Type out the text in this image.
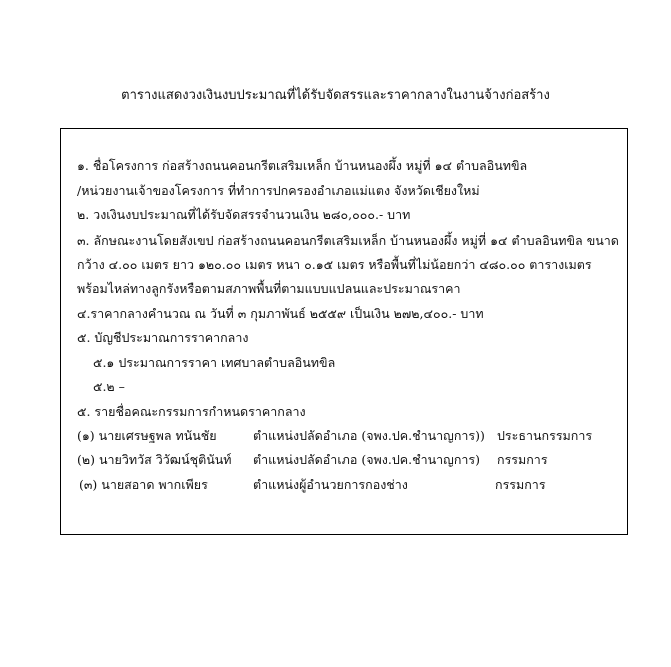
ตารางแสดงวงเงินงบประมาณที่ได้รับจัดสรรและราคากลางในงานจ้างก่อสร้าง
๑. ชื่อโครงการ ก่อสร้างถนนคอนกรีตเสริมเหล็ก บ้านหนองผึ้ง หมู่ที่ ๑๔ ตำบลอินทขิล
/หน่วยงานเจ้าของโครงการ ที่ทำการปกครองอำเภอแม่แตง จังหวัดเชียงใหม่
๒. วงเงินงบประมาณที่ได้รับจัดสรรจำนวนเงิน ๒๘๐,๐๐๐.- บาท
๓. ลักษณะงานโดยสังเขป ก่อสร้างถนนคอนกรีตเสริมเหล็ก บ้านหนองผึ้ง หมู่ที่ ๑๔ ตำบลอินทขิล ขนาด
กว้าง ๔.๐๐ เมตร ยาว ๑๒๐.๐๐ เมตร หนา ๐.๑๕ เมตร หรือพื้นที่ไม่น้อยกว่า ๔๘๐.๐๐ ตารางเมตร
พร้อมไหล่ทางลูกรังหรือตามสภาพพื้นที่ตามแบบแปลนและประมาณราคา
๔.ราคากลางคำนวณ ณ วันที่ ๓ กุมภาพันธ์ ๒๕๕๙ เป็นเงิน ๒๗๒,๔๐๐.- บาท
๕. บัญชีประมาณการราคากลาง
๕.๑ ประมาณการราคา เทศบาลตำบลอินทขิล
๕.๒ –
๕. รายชื่อคณะกรรมการกำหนดราคากลาง
(๑) นายเศรษฐพล ทนันชัย	ตำแหน่งปลัดอำเภอ (จพง.ปค.ชำนาญการ)) ประธานกรรมการ
(๒) นายวิทวัส วิวัฒน์ชุตินันท์ ตำแหน่งปลัดอำเภอ (จพง.ปค.ชำนาญการ) กรรมการ
(๓) นายสอาด พากเพียร	ตำแหน่งผู้อำนวยการกองช่าง	กรรมการ
